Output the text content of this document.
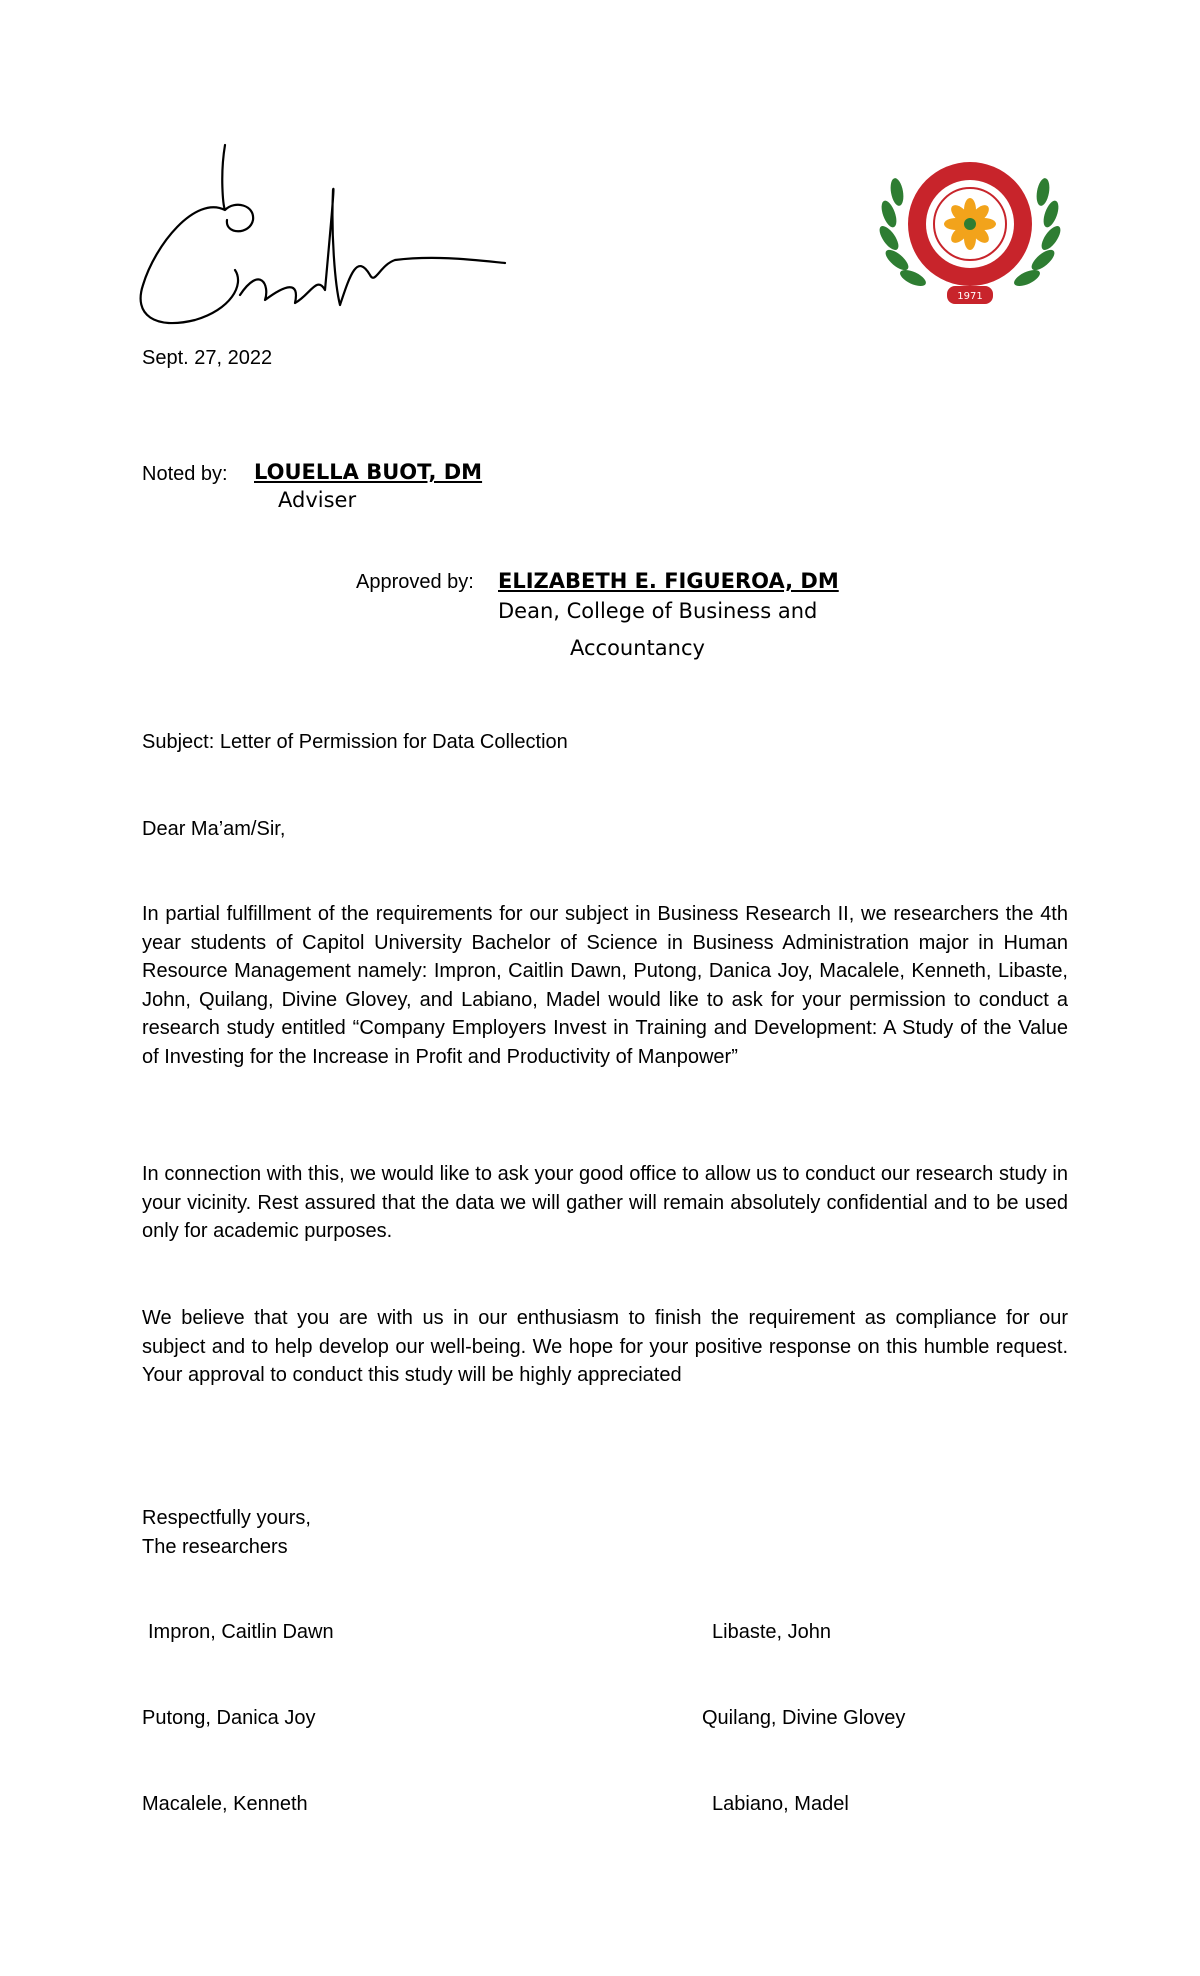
1971
Sept. 27, 2022
Noted by: LOUELLA BUOT, DM
Adviser
Approved by: ELIZABETH E. FIGUEROA, DM
Dean, College of Business and
Accountancy
Subject: Letter of Permission for Data Collection
Dear Ma’am/Sir,
In partial fulfillment of the requirements for our subject in Business Research II, we researchers the 4th year students of Capitol University Bachelor of Science in Business Administration major in Human Resource Management namely: Impron, Caitlin Dawn, Putong, Danica Joy, Macalele, Kenneth, Libaste, John, Quilang, Divine Glovey, and Labiano, Madel would like to ask for your permission to conduct a research study entitled “Company Employers Invest in Training and Development: A Study of the Value of Investing for the Increase in Profit and Productivity of Manpower”
In connection with this, we would like to ask your good office to allow us to conduct our research study in your vicinity. Rest assured that the data we will gather will remain absolutely confidential and to be used only for academic purposes.
We believe that you are with us in our enthusiasm to finish the requirement as compliance for our subject and to help develop our well-being. We hope for your positive response on this humble request. Your approval to conduct this study will be highly appreciated
Respectfully yours,
The researchers
Impron, Caitlin Dawn
Putong, Danica Joy
Macalele, Kenneth
Libaste, John
Quilang, Divine Glovey
Labiano, Madel
